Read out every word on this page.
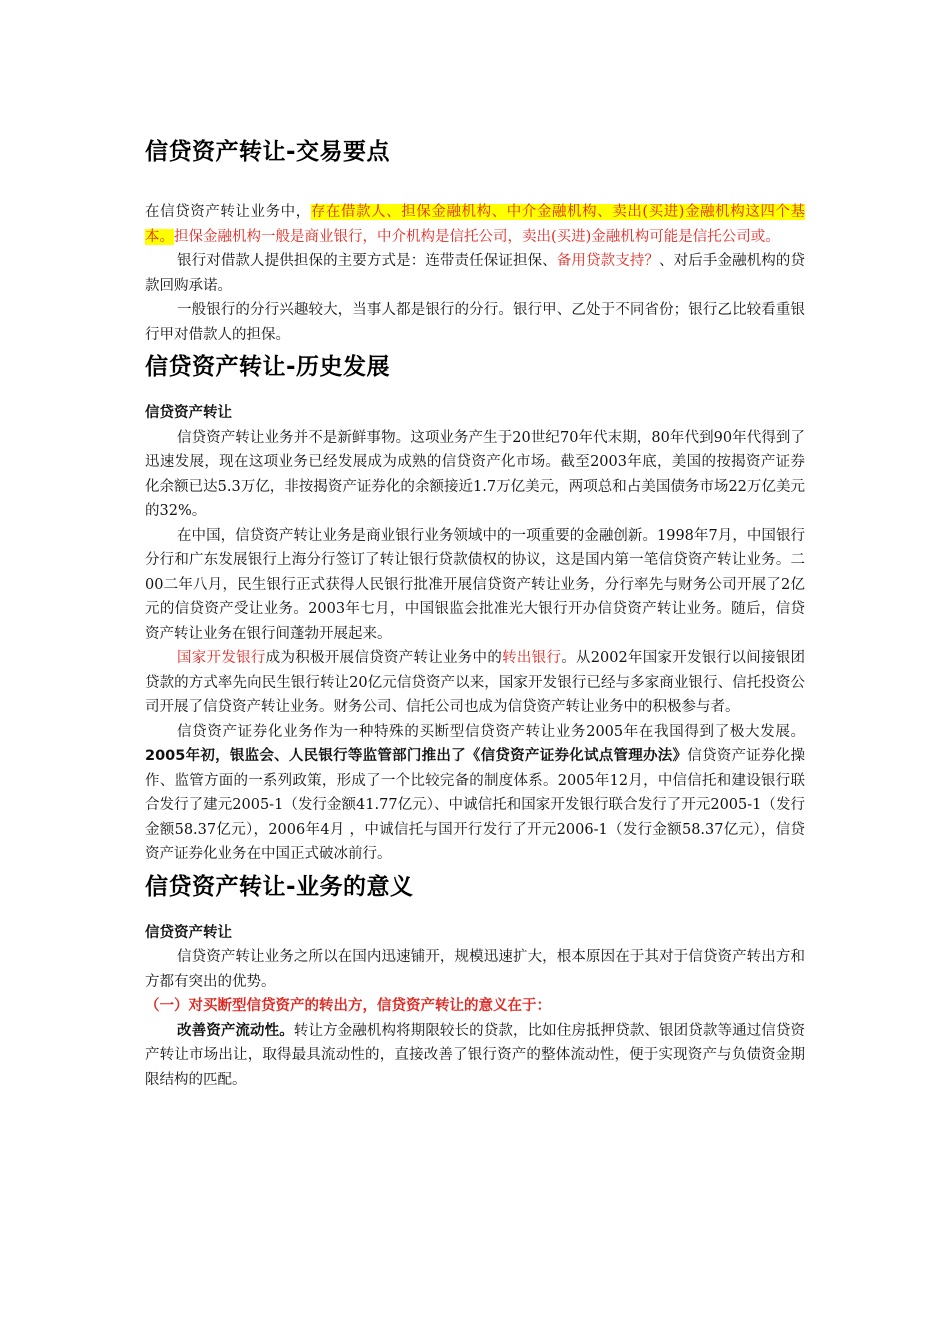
信贷资产转让-交易要点

在信贷资产转让业务中，存在借款人、担保金融机构、中介金融机构、卖出(买进)金融机构这四个基本。担保金融机构一般是商业银行，中介机构是信托公司，卖出(买进)金融机构可能是信托公司或。

银行对借款人提供担保的主要方式是：连带责任保证担保、备用贷款支持？、对后手金融机构的贷款回购承诺。

一般银行的分行兴趣较大，当事人都是银行的分行。银行甲、乙处于不同省份；银行乙比较看重银行甲对借款人的担保。

信贷资产转让-历史发展
信贷资产转让

信贷资产转让业务并不是新鲜事物。这项业务产生于20世纪70年代末期，80年代到90年代得到了迅速发展，现在这项业务已经发展成为成熟的信贷资产化市场。截至2003年底，美国的按揭资产证券化余额已达5.3万亿，非按揭资产证券化的余额接近1.7万亿美元，两项总和占美国债务市场22万亿美元的32%。

在中国，信贷资产转让业务是商业银行业务领域中的一项重要的金融创新。1998年7月，中国银行分行和广东发展银行上海分行签订了转让银行贷款债权的协议，这是国内第一笔信贷资产转让业务。二00二年八月，民生银行正式获得人民银行批准开展信贷资产转让业务，分行率先与财务公司开展了2亿元的信贷资产受让业务。2003年七月，中国银监会批准光大银行开办信贷资产转让业务。随后，信贷资产转让业务在银行间蓬勃开展起来。

国家开发银行成为积极开展信贷资产转让业务中的转出银行。从2002年国家开发银行以间接银团贷款的方式率先向民生银行转让20亿元信贷资产以来，国家开发银行已经与多家商业银行、信托投资公司开展了信贷资产转让业务。财务公司、信托公司也成为信贷资产转让业务中的积极参与者。

信贷资产证券化业务作为一种特殊的买断型信贷资产转让业务2005年在我国得到了极大发展。2005年初，银监会、人民银行等监管部门推出了《信贷资产证券化试点管理办法》信贷资产证券化操作、监管方面的一系列政策，形成了一个比较完备的制度体系。2005年12月，中信信托和建设银行联合发行了建元2005-1（发行金额41.77亿元）、中诚信托和国家开发银行联合发行了开元2005-1（发行金额58.37亿元），2006年4月 ，中诚信托与国开行发行了开元2006-1（发行金额58.37亿元），信贷资产证券化业务在中国正式破冰前行。

信贷资产转让-业务的意义
信贷资产转让

信贷资产转让业务之所以在国内迅速铺开，规模迅速扩大，根本原因在于其对于信贷资产转出方和方都有突出的优势。

（一）对买断型信贷资产的转出方，信贷资产转让的意义在于：

改善资产流动性。转让方金融机构将期限较长的贷款，比如住房抵押贷款、银团贷款等通过信贷资产转让市场出让，取得最具流动性的，直接改善了银行资产的整体流动性，便于实现资产与负债资金期限结构的匹配。
